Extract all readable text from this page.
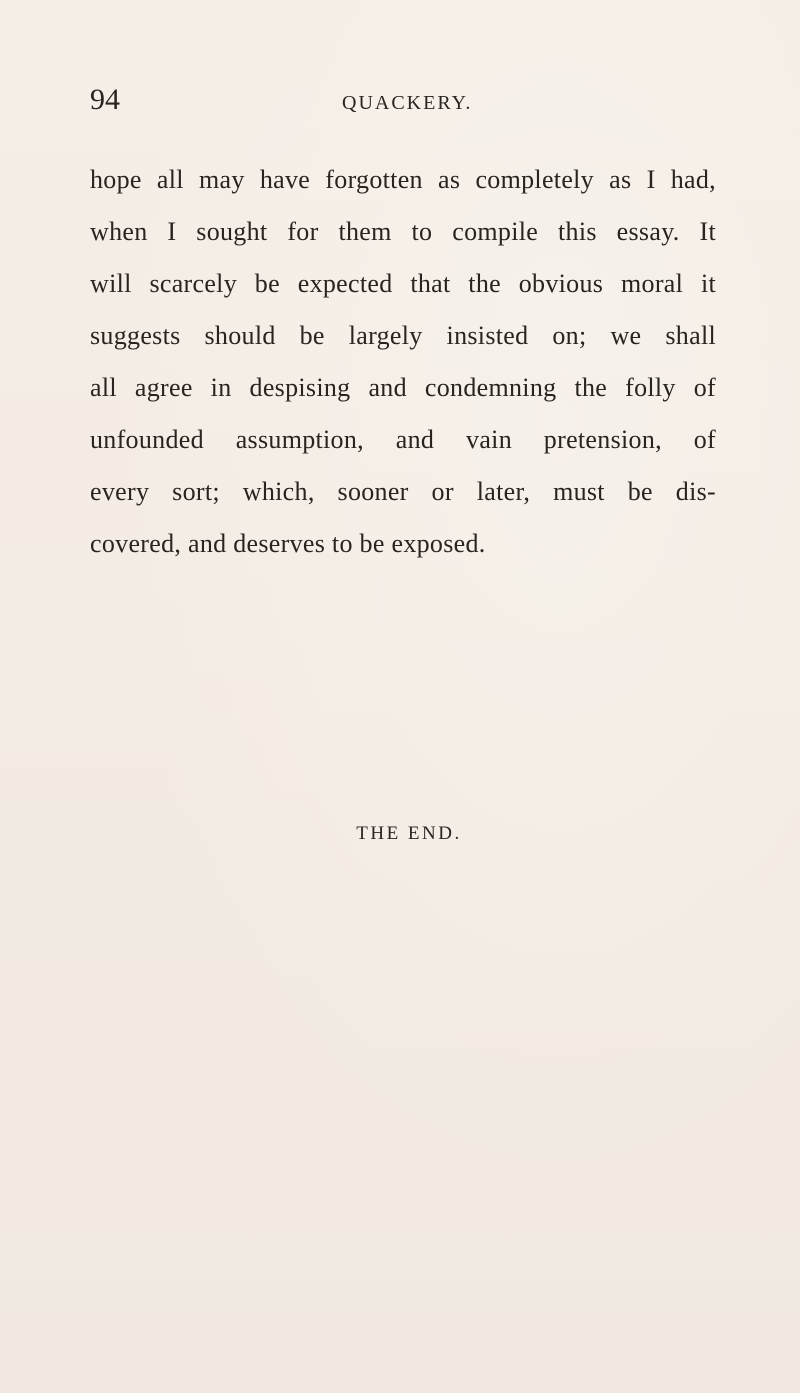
94	QUACKERY.
hope all may have forgotten as completely as I had,
when I sought for them to compile this essay. It
will scarcely be expected that the obvious moral it
suggests should be largely insisted on; we shall
all agree in despising and condemning the folly of
unfounded assumption, and vain pretension, of
every sort; which, sooner or later, must be dis-
covered, and deserves to be exposed.
THE END.
